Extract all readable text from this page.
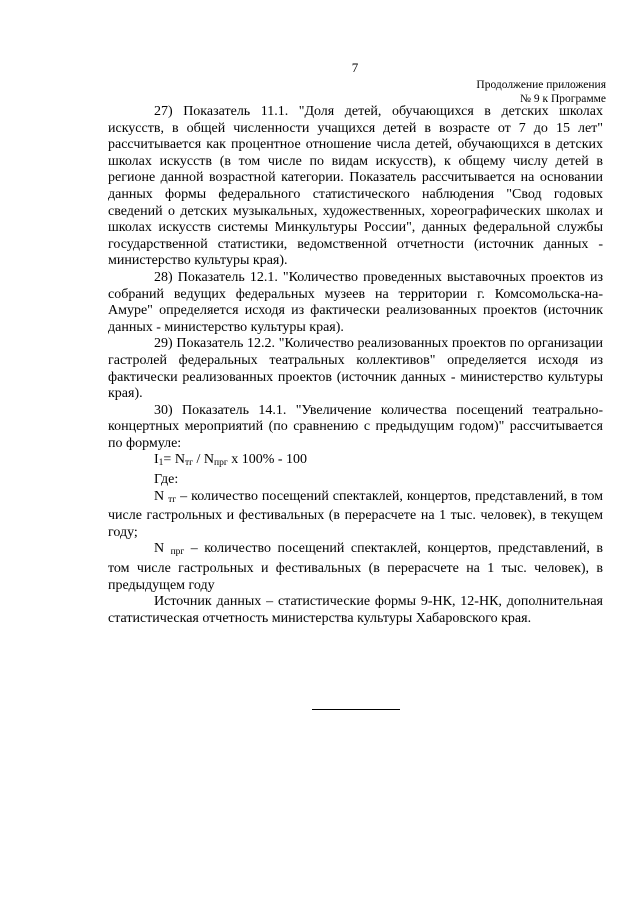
7
Продолжение приложения
№ 9 к Программе

27) Показатель 11.1. "Доля детей, обучающихся в детских школах искусств, в общей численности учащихся детей в возрасте от 7 до 15 лет" рассчитывается как процентное отношение числа детей, обучающихся в детских школах искусств (в том числе по видам искусств), к общему числу детей в регионе данной возрастной категории. Показатель рассчитывается на основании данных формы федерального статистического наблюдения "Свод годовых сведений о детских музыкальных, художественных, хореографических школах и школах искусств системы Минкультуры России", данных федеральной службы государственной статистики, ведомственной отчетности (источник данных - министерство культуры края).

28) Показатель 12.1. "Количество проведенных выставочных проектов из собраний ведущих федеральных музеев на территории г. Комсомольска-на-Амуре" определяется исходя из фактически реализованных проектов (источник данных - министерство культуры края).

29) Показатель 12.2. "Количество реализованных проектов по организации гастролей федеральных театральных коллективов" определяется исходя из фактически реализованных проектов (источник данных - министерство культуры края).

30) Показатель 14.1. "Увеличение количества посещений театрально-концертных мероприятий (по сравнению с предыдущим годом)" рассчитывается по формуле:

$I_1= N_{тг} / N_{прг}$ x 100% - 100

Где:

N $_{тг}$ – количество посещений спектаклей, концертов, представлений, в том числе гастрольных и фестивальных (в перерасчете на 1 тыс. человек), в текущем году;

N $_{прг}$ – количество посещений спектаклей, концертов, представлений, в том числе гастрольных и фестивальных (в перерасчете на 1 тыс. человек), в предыдущем году

Источник данных – статистические формы 9-НК, 12-НК, дополнительная статистическая отчетность министерства культуры Хабаровского края.
